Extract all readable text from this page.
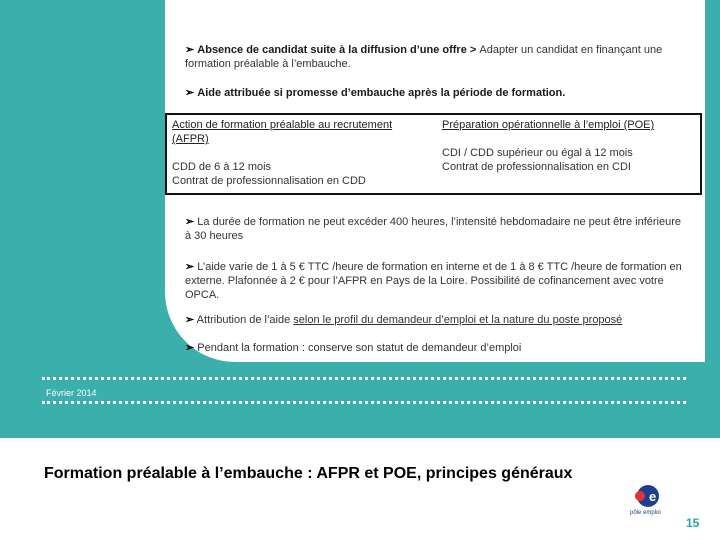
➢ Absence de candidat suite à la diffusion d’une offre > Adapter un candidat en finançant une formation préalable à l’embauche.
➢ Aide attribuée si promesse d’embauche après la période de formation.
Action de formation préalable au recrutement (AFPR)
CDD de 6 à 12 mois
Contrat de professionnalisation en CDD
Préparation opérationnelle à l’emploi (POE)
CDI / CDD supérieur ou égal à 12 mois
Contrat de professionnalisation en CDI
➢ La durée de formation ne peut excéder 400 heures, l’intensité hebdomadaire ne peut être inférieure à 30 heures
➢ L’aide varie de 1 à 5 € TTC /heure de formation en interne et de 1 à 8 € TTC /heure de formation en externe. Plafonnée à 2 € pour l’AFPR en Pays de la Loire. Possibilité de cofinancement avec votre OPCA.
➢ Attribution de l’aide selon le profil du demandeur d’emploi et la nature du poste proposé
➢ Pendant la formation : conserve son statut de demandeur d’emploi
Février 2014
Formation préalable à l’embauche : AFPR et POE, principes généraux
e
pôle emploi
15
